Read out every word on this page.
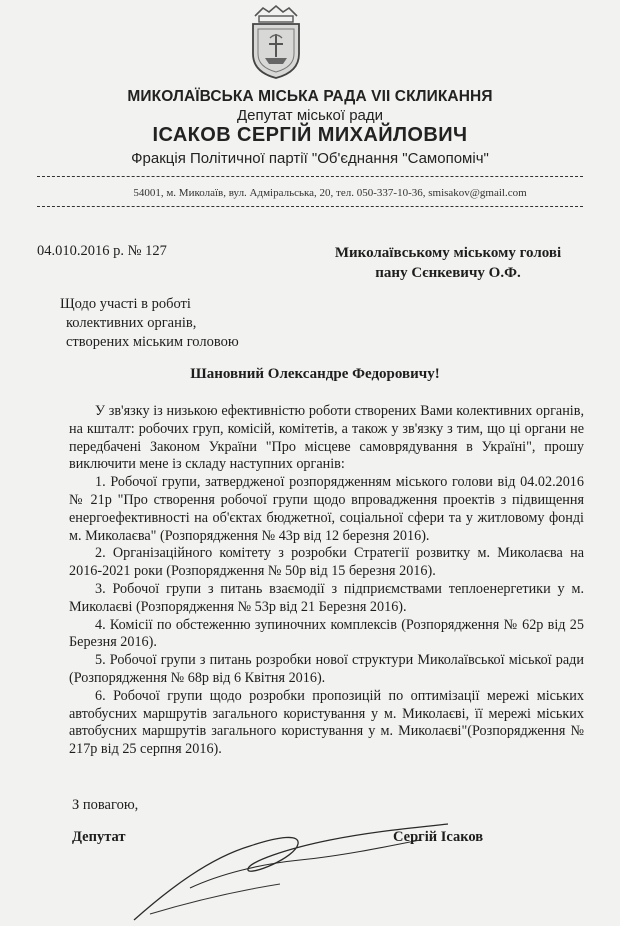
МИКОЛАЇВСЬКА МІСЬКА РАДА VII СКЛИКАННЯ
Депутат міської ради
ІСАКОВ СЕРГІЙ МИХАЙЛОВИЧ
Фракція Політичної партії "Об'єднання "Самопоміч"
54001, м. Миколаїв, вул. Адміральська, 20, тел. 050-337-10-36, smisakov@gmail.com
04.010.2016 р. № 127	Миколаївському міському голові
пану Сєнкевичу О.Ф.
Щодо участі в роботі
колективних органів,
створених міським головою
Шановний Олександре Федоровичу!

У зв'язку із низькою ефективністю роботи створених Вами колективних органів, на кшталт: робочих груп, комісій, комітетів, а також у зв'язку з тим, що ці органи не передбачені Законом України "Про місцеве самоврядування в Україні", прошу виключити мене із складу наступних органів:

1. Робочої групи, затвердженої розпорядженням міського голови від 04.02.2016 № 21р "Про створення робочої групи щодо впровадження проектів з підвищення енергоефективності на об'єктах бюджетної, соціальної сфери та у житловому фонді м. Миколаєва" (Розпорядження № 43р від 12 березня 2016).

2. Організаційного комітету з розробки Стратегії розвитку м. Миколаєва на 2016-2021 роки (Розпорядження № 50р від 15 березня 2016).

3. Робочої групи з питань взаємодії з підприємствами теплоенергетики у м. Миколаєві (Розпорядження № 53р від 21 Березня 2016).

4. Комісії по обстеженню зупиночних комплексів (Розпорядження № 62р від 25 Березня 2016).

5. Робочої групи з питань розробки нової структури Миколаївської міської ради (Розпорядження № 68р від 6 Квітня 2016).

6. Робочої групи щодо розробки пропозицій по оптимізації мережі міських автобусних маршрутів загального користування у м. Миколаєві, її мережі міських автобусних маршрутів загального користування у м. Миколаєві"(Розпорядження № 217р від 25 серпня 2016).

З повагою,
Депутат	Сергій Ісаков
